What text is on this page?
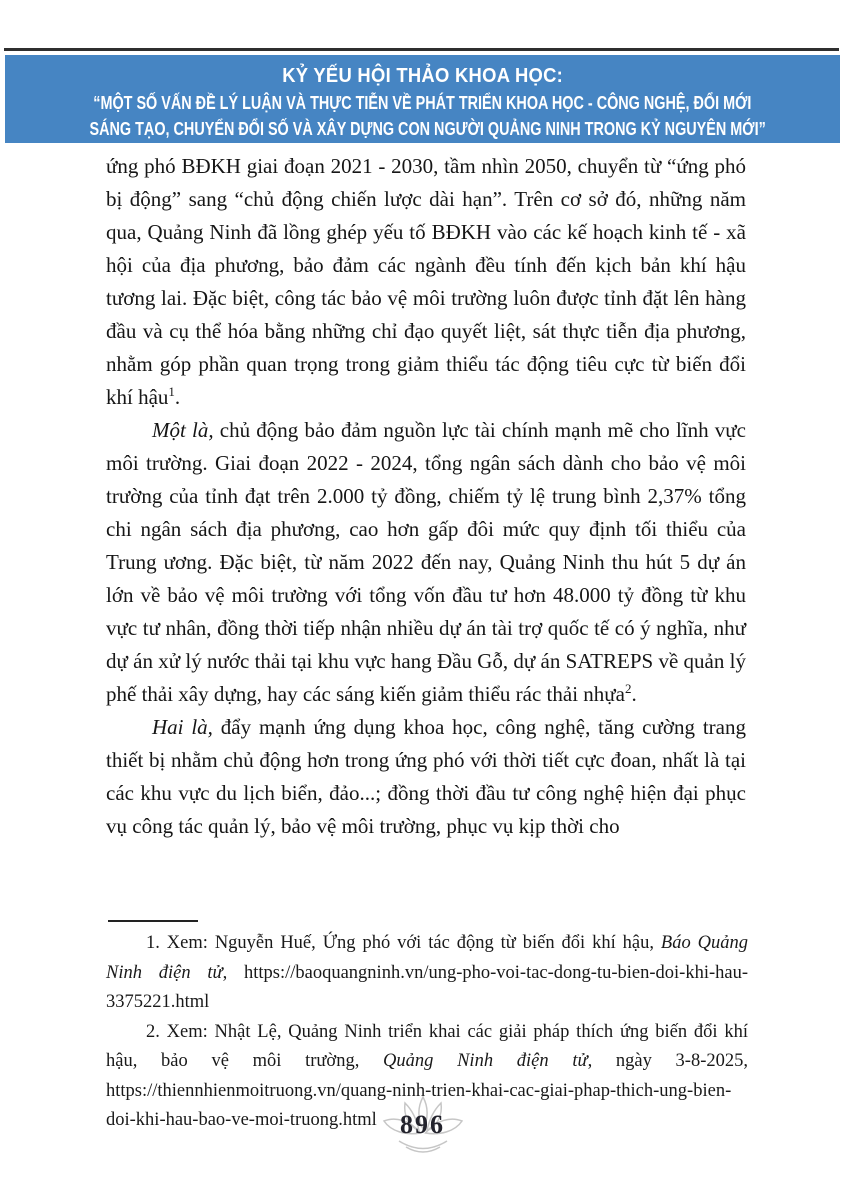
KỶ YẾU HỘI THẢO KHOA HỌC:
“MỘT SỐ VẤN ĐỀ LÝ LUẬN VÀ THỰC TIỄN VỀ PHÁT TRIỂN KHOA HỌC - CÔNG NGHỆ, ĐỔI MỚI
SÁNG TẠO, CHUYỂN ĐỔI SỐ VÀ XÂY DỰNG CON NGƯỜI QUẢNG NINH TRONG KỶ NGUYÊN MỚI”

ứng phó BĐKH giai đoạn 2021 - 2030, tầm nhìn 2050, chuyển từ “ứng phó bị động” sang “chủ động chiến lược dài hạn”. Trên cơ sở đó, những năm qua, Quảng Ninh đã lồng ghép yếu tố BĐKH vào các kế hoạch kinh tế - xã hội của địa phương, bảo đảm các ngành đều tính đến kịch bản khí hậu tương lai. Đặc biệt, công tác bảo vệ môi trường luôn được tỉnh đặt lên hàng đầu và cụ thể hóa bằng những chỉ đạo quyết liệt, sát thực tiễn địa phương, nhằm góp phần quan trọng trong giảm thiểu tác động tiêu cực từ biến đổi khí hậu$^1$.

Một là, chủ động bảo đảm nguồn lực tài chính mạnh mẽ cho lĩnh vực môi trường. Giai đoạn 2022 - 2024, tổng ngân sách dành cho bảo vệ môi trường của tỉnh đạt trên 2.000 tỷ đồng, chiếm tỷ lệ trung bình 2,37% tổng chi ngân sách địa phương, cao hơn gấp đôi mức quy định tối thiểu của Trung ương. Đặc biệt, từ năm 2022 đến nay, Quảng Ninh thu hút 5 dự án lớn về bảo vệ môi trường với tổng vốn đầu tư hơn 48.000 tỷ đồng từ khu vực tư nhân, đồng thời tiếp nhận nhiều dự án tài trợ quốc tế có ý nghĩa, như dự án xử lý nước thải tại khu vực hang Đầu Gỗ, dự án SATREPS về quản lý phế thải xây dựng, hay các sáng kiến giảm thiểu rác thải nhựa$^2$.

Hai là, đẩy mạnh ứng dụng khoa học, công nghệ, tăng cường trang thiết bị nhằm chủ động hơn trong ứng phó với thời tiết cực đoan, nhất là tại các khu vực du lịch biển, đảo...; đồng thời đầu tư công nghệ hiện đại phục vụ công tác quản lý, bảo vệ môi trường, phục vụ kịp thời cho

1. Xem: Nguyễn Huế, Ứng phó với tác động từ biến đổi khí hậu, Báo Quảng Ninh điện tử, https://baoquangninh.vn/ung-pho-voi-tac-dong-tu-bien-doi-khi-hau-3375221.html

2. Xem: Nhật Lệ, Quảng Ninh triển khai các giải pháp thích ứng biến đổi khí hậu, bảo vệ môi trường, Quảng Ninh điện tử, ngày 3-8-2025, https://thiennhienmoitruong.vn/quang-ninh-trien-khai-cac-giai-phap-thich-ung-bien-doi-khi-hau-bao-ve-moi-truong.html 896
